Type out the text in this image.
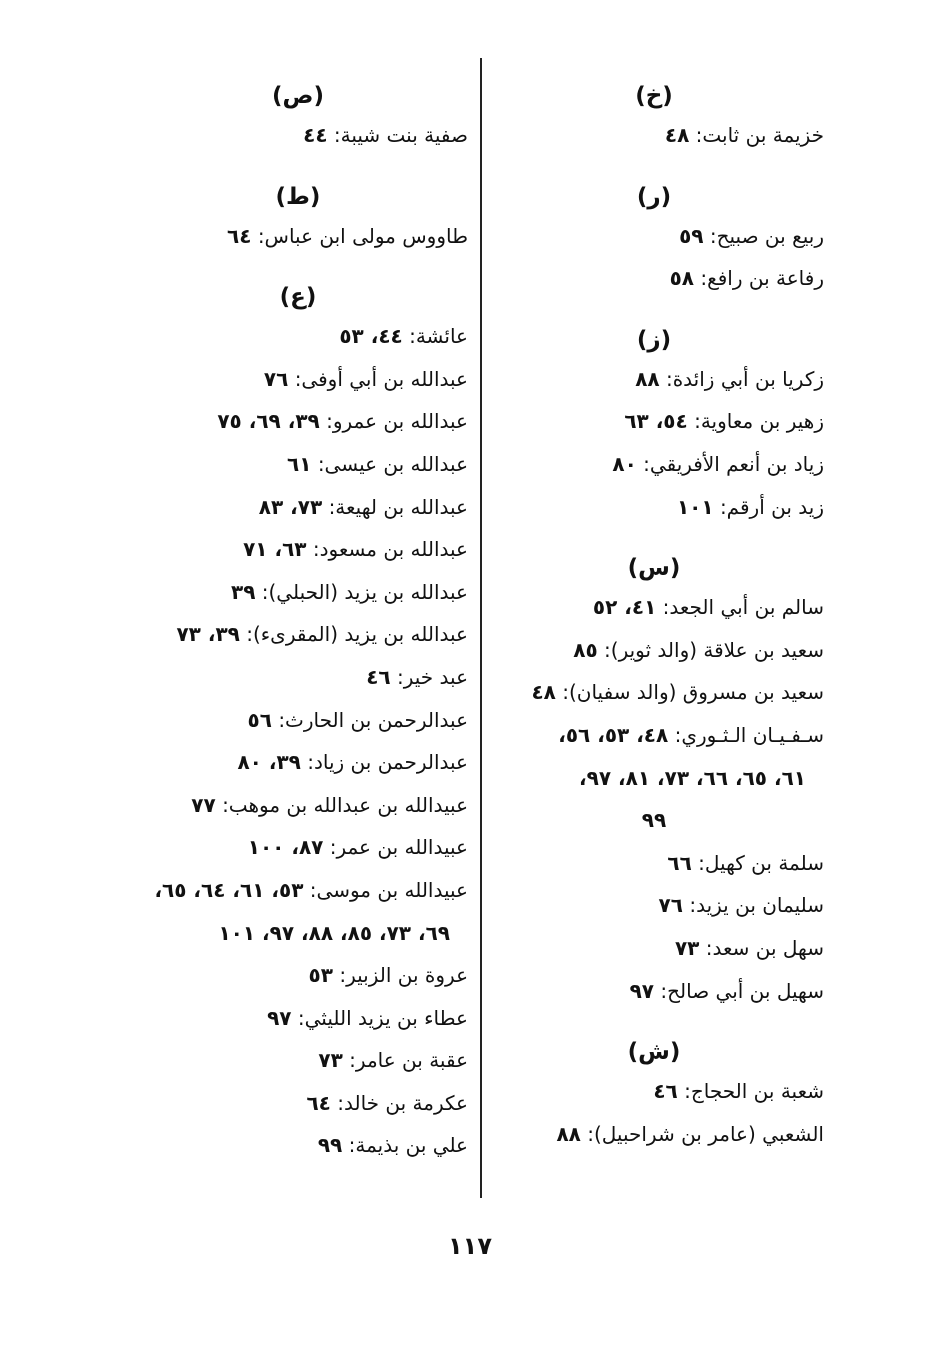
(خ)
خزيمة بن ثابت: ٤٨
(ر)
ربيع بن صبيح: ٥٩
رفاعة بن رافع: ٥٨
(ز)
زكريا بن أبي زائدة: ٨٨
زهير بن معاوية: ٥٤، ٦٣
زياد بن أنعم الأفريقي: ٨٠
زيد بن أرقم: ١٠١
(س)
سالم بن أبي الجعد: ٤١، ٥٢
سعيد بن علاقة (والد ثوير): ٨٥
سعيد بن مسروق (والد سفيان): ٤٨
سـفـيـان الـثـوري: ٤٨، ٥٣، ٥٦،
٦١، ٦٥، ٦٦، ٧٣، ٨١، ٩٧،
٩٩
سلمة بن كهيل: ٦٦
سليمان بن يزيد: ٧٦
سهل بن سعد: ٧٣
سهيل بن أبي صالح: ٩٧
(ش)
شعبة بن الحجاج: ٤٦
الشعبي (عامر بن شراحبيل): ٨٨
(ص)
صفية بنت شيبة: ٤٤
(ط)
طاووس مولى ابن عباس: ٦٤
(ع)
عائشة: ٤٤، ٥٣
عبدالله بن أبي أوفى: ٧٦
عبدالله بن عمرو: ٣٩، ٦٩، ٧٥
عبدالله بن عيسى: ٦١
عبدالله بن لهيعة: ٧٣، ٨٣
عبدالله بن مسعود: ٦٣، ٧١
عبدالله بن يزيد (الحبلي): ٣٩
عبدالله بن يزيد (المقرىء): ٣٩، ٧٣
عبد خير: ٤٦
عبدالرحمن بن الحارث: ٥٦
عبدالرحمن بن زياد: ٣٩، ٨٠
عبيدالله بن عبدالله بن موهب: ٧٧
عبيدالله بن عمر: ٨٧، ١٠٠
عبيدالله بن موسى: ٥٣، ٦١، ٦٤، ٦٥،
٦٩، ٧٣، ٨٥، ٨٨، ٩٧، ١٠١
عروة بن الزبير: ٥٣
عطاء بن يزيد الليثي: ٩٧
عقبة بن عامر: ٧٣
عكرمة بن خالد: ٦٤
علي بن بذيمة: ٩٩
١١٧
